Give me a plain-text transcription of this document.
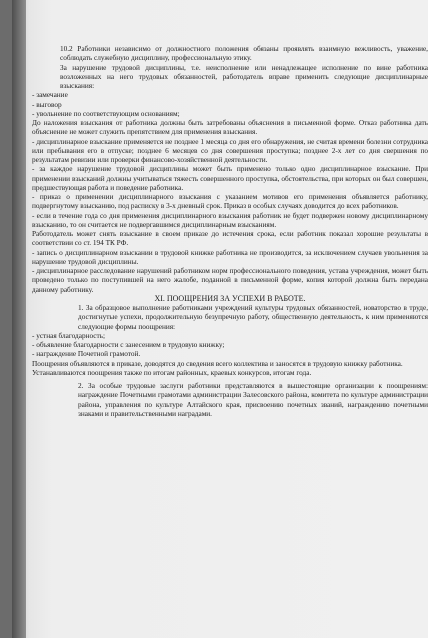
10.2 Работники независимо от должностного положения обязаны проявлять взаимную вежливость, уважение, соблюдать служебную дисциплину, профессиональную этику.

За нарушение трудовой дисциплины, т.е. неисполнение или ненадлежащее исполнение по вине работника возложенных на него трудовых обязанностей, работодатель вправе применить следующие дисциплинарные взыскания:

- замечание

- выговор

- увольнение по соответствующим основаниям;

До наложения взыскания от работника должны быть затребованы объяснения в письменной форме. Отказ работника дать объяснение не может служить препятствием для применения взыскания.

- дисциплинарное взыскание применяется не позднее 1 месяца со дня его обнаружения, не считая времени болезни сотрудника или пребывания его в отпуске; позднее 6 месяцев со дня совершения проступка; позднее 2-х лет со дня свершения по результатам ревизии или проверки финансово-хозяйственной деятельности.

- за каждое нарушение трудовой дисциплины может быть применено только одно дисциплинарное взыскание. При применении взысканий должны учитываться тяжесть совершенного проступка, обстоятельства, при которых он был совершен, предшествующая работа и поведение работника.

- приказ о применении дисциплинарного взыскания с указанием мотивов его применения объявляется работнику, подвергнутому взысканию, под расписку в 3-х дневный срок. Приказ в особых случаях доводится до всех работников.

- если в течение года со дня применения дисциплинарного взыскания работник не будет подвержен новому дисциплинарному взысканию, то он считается не подвергавшимся дисциплинарным взысканиям.

Работодатель может снять взыскание в своем приказе до истечения срока, если работник показал хорошие результаты в соответствии со ст. 194 ТК РФ.

- запись о дисциплинарном взыскании в трудовой книжке работника не производится, за исключением случаев увольнения за нарушение трудовой дисциплины.

- дисциплинарное расследование нарушений работником норм профессионального поведения, устава учреждения, может быть проведено только по поступившей на него жалобе, поданной в письменной форме, копия которой должна быть передана данному работнику.

XI. ПООЩРЕНИЯ ЗА УСПЕХИ В РАБОТЕ.

1. За образцовое выполнение работниками учреждений культуры трудовых обязанностей, новаторство в труде, достигнутые успехи, продолжительную безупречную работу, общественную деятельность, к ним применяются следующие формы поощрения:

- устная благодарность;

- объявление благодарности с занесением в трудовую книжку;

- награждение Почетной грамотой.

Поощрения объявляются в приказе, доводятся до сведения всего коллектива и заносятся в трудовую книжку работника.

Устанавливаются поощрения также по итогам районных, краевых конкурсов, итогам года.

2. За особые трудовые заслуги работники представляются в вышестоящие организации к поощрениям: награждение Почетными грамотами администрации Залесовского района, комитета по культуре администрации района, управления по культуре Алтайского края, присвоению почетных званий, награждению почетными знаками и правительственными наградами.
